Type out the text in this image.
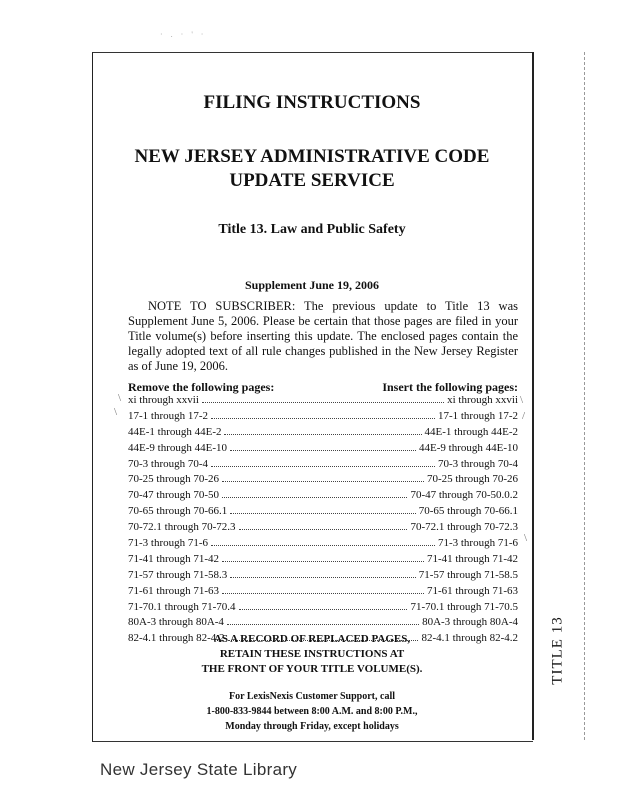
· . · ' ·
FILING INSTRUCTIONS
NEW JERSEY ADMINISTRATIVE CODE
UPDATE SERVICE
Title 13. Law and Public Safety
Supplement June 19, 2006
NOTE TO SUBSCRIBER: The previous update to Title 13 was Supplement June 5, 2006. Please be certain that those pages are filed in your Title volume(s) before inserting this update. The enclosed pages contain the legally adopted text of all rule changes published in the New Jersey Register as of June 19, 2006.
Remove the following pages:	Insert the following pages:
xi through xxvii	xi through xxvii
17-1 through 17-2	17-1 through 17-2
44E-1 through 44E-2	44E-1 through 44E-2
44E-9 through 44E-10	44E-9 through 44E-10
70-3 through 70-4	70-3 through 70-4
70-25 through 70-26	70-25 through 70-26
70-47 through 70-50	70-47 through 70-50.0.2
70-65 through 70-66.1	70-65 through 70-66.1
70-72.1 through 70-72.3	70-72.1 through 70-72.3
71-3 through 71-6	71-3 through 71-6
71-41 through 71-42	71-41 through 71-42
71-57 through 71-58.3	71-57 through 71-58.5
71-61 through 71-63	71-61 through 71-63
71-70.1 through 71-70.4	71-70.1 through 71-70.5
80A-3 through 80A-4	80A-3 through 80A-4
82-4.1 through 82-4.2	82-4.1 through 82-4.2
\
\
\
/
\
AS A RECORD OF REPLACED PAGES,
RETAIN THESE INSTRUCTIONS AT
THE FRONT OF YOUR TITLE VOLUME(S).
For LexisNexis Customer Support, call
1-800-833-9844 between 8:00 A.M. and 8:00 P.M.,
Monday through Friday, except holidays
TITLE 13
New Jersey State Library
